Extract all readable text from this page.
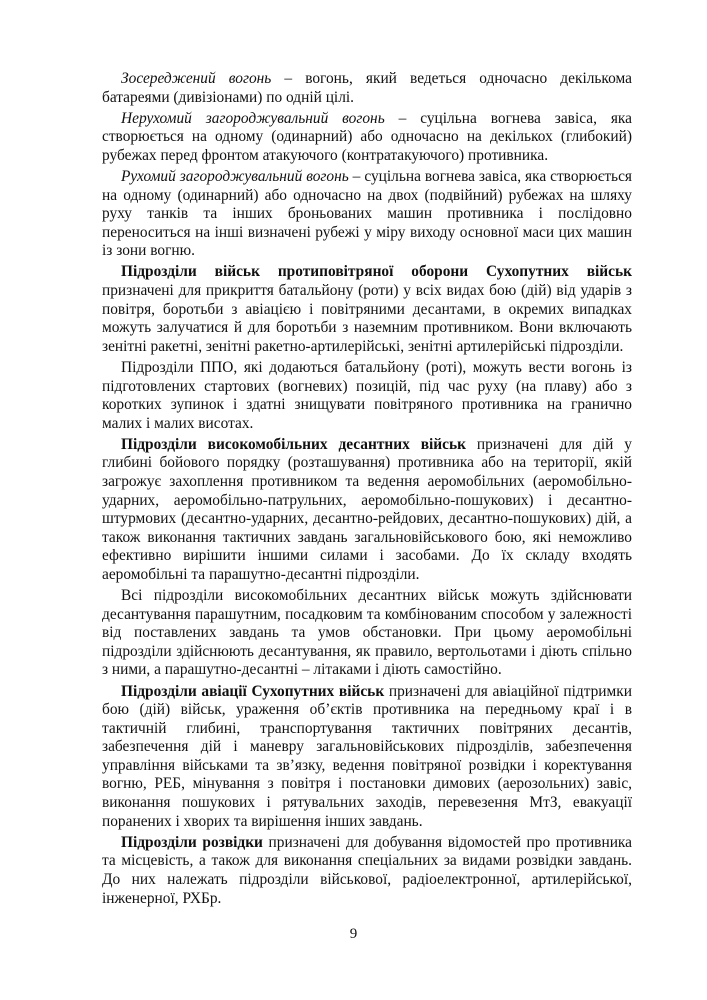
Зосереджений вогонь – вогонь, який ведеться одночасно декількома батареями (дивізіонами) по одній цілі.

Нерухомий загороджувальний вогонь – суцільна вогнева завіса, яка створюється на одному (одинарний) або одночасно на декількох (глибокий) рубежах перед фронтом атакуючого (контратакуючого) противника.

Рухомий загороджувальний вогонь – суцільна вогнева завіса, яка створюється на одному (одинарний) або одночасно на двох (подвійний) рубежах на шляху руху танків та інших броньованих машин противника і послідовно переноситься на інші визначені рубежі у міру виходу основної маси цих машин із зони вогню.

Підрозділи військ протиповітряної оборони Сухопутних військ призначені для прикриття батальйону (роти) у всіх видах бою (дій) від ударів з повітря, боротьби з авіацією і повітряними десантами, в окремих випадках можуть залучатися й для боротьби з наземним противником. Вони включають зенітні ракетні, зенітні ракетно-артилерійські, зенітні артилерійські підрозділи.

Підрозділи ППО, які додаються батальйону (роті), можуть вести вогонь із підготовлених стартових (вогневих) позицій, під час руху (на плаву) або з коротких зупинок і здатні знищувати повітряного противника на гранично малих і малих висотах.

Підрозділи високомобільних десантних військ призначені для дій у глибині бойового порядку (розташування) противника або на території, якій загрожує захоплення противником та ведення аеромобільних (аеромобільно-ударних, аеромобільно-патрульних, аеромобільно-пошукових) і десантно-штурмових (десантно-ударних, десантно-рейдових, десантно-пошукових) дій, а також виконання тактичних завдань загальновійськового бою, які неможливо ефективно вирішити іншими силами і засобами. До їх складу входять аеромобільні та парашутно-десантні підрозділи.

Всі підрозділи високомобільних десантних військ можуть здійснювати десантування парашутним, посадковим та комбінованим способом у залежності від поставлених завдань та умов обстановки. При цьому аеромобільні підрозділи здійснюють десантування, як правило, вертольотами і діють спільно з ними, а парашутно-десантні – літаками і діють самостійно.

Підрозділи авіації Сухопутних військ призначені для авіаційної підтримки бою (дій) військ, ураження об’єктів противника на передньому краї і в тактичній глибині, транспортування тактичних повітряних десантів, забезпечення дій і маневру загальновійськових підрозділів, забезпечення управління військами та зв’язку, ведення повітряної розвідки і коректування вогню, РЕБ, мінування з повітря і постановки димових (аерозольних) завіс, виконання пошукових і рятувальних заходів, перевезення МтЗ, евакуації поранених і хворих та вирішення інших завдань.

Підрозділи розвідки призначені для добування відомостей про противника та місцевість, а також для виконання спеціальних за видами розвідки завдань. До них належать підрозділи військової, радіоелектронної, артилерійської, інженерної, РХБр.

9
